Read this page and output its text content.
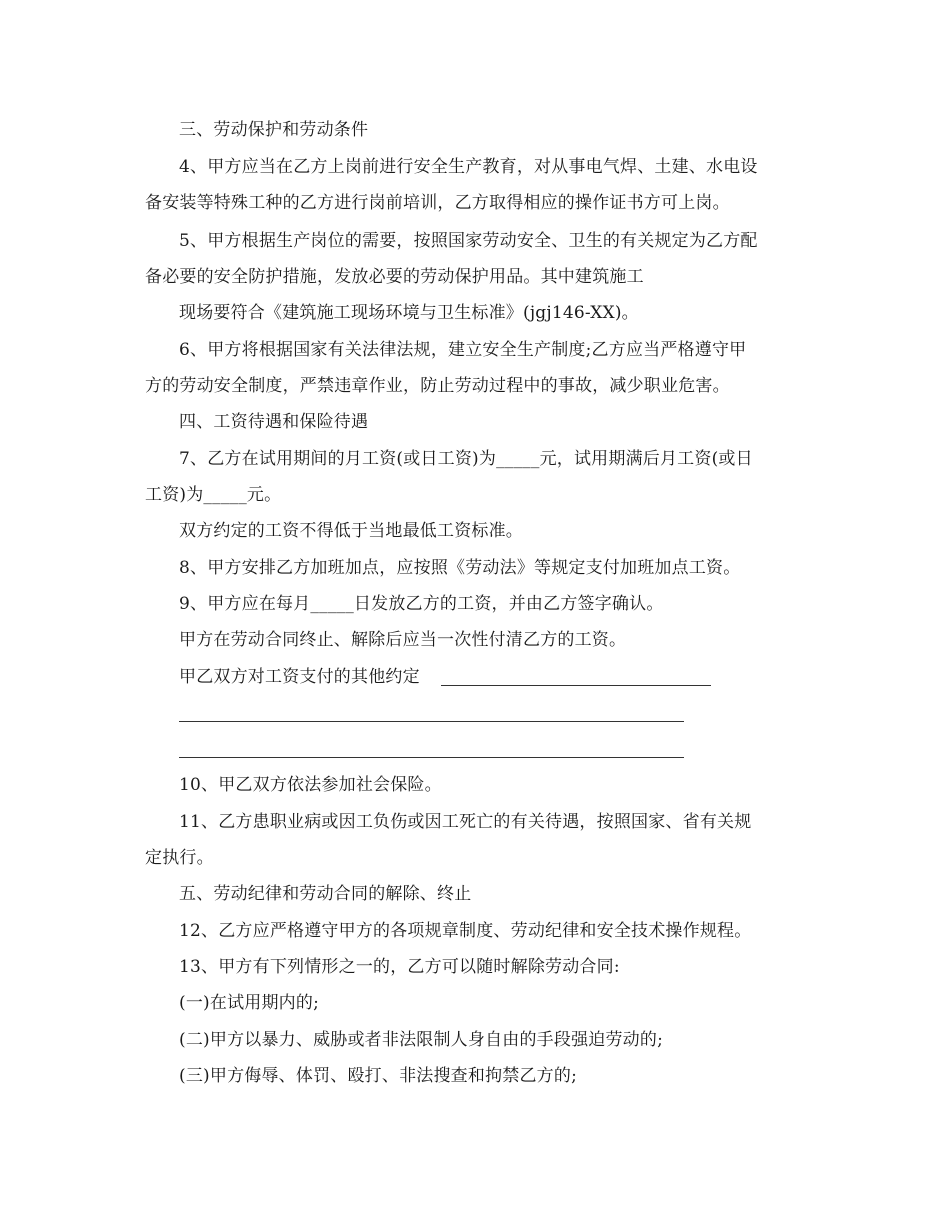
三、劳动保护和劳动条件
4、甲方应当在乙方上岗前进行安全生产教育，对从事电气焊、土建、水电设
备安装等特殊工种的乙方进行岗前培训，乙方取得相应的操作证书方可上岗。
5、甲方根据生产岗位的需要，按照国家劳动安全、卫生的有关规定为乙方配
备必要的安全防护措施，发放必要的劳动保护用品。其中建筑施工
现场要符合《建筑施工现场环境与卫生标准》(jgj146-XX)。
6、甲方将根据国家有关法律法规，建立安全生产制度;乙方应当严格遵守甲
方的劳动安全制度，严禁违章作业，防止劳动过程中的事故，减少职业危害。
四、工资待遇和保险待遇
7、乙方在试用期间的月工资(或日工资)为_____元，试用期满后月工资(或日
工资)为_____元。
双方约定的工资不得低于当地最低工资标准。
8、甲方安排乙方加班加点，应按照《劳动法》等规定支付加班加点工资。
9、甲方应在每月_____日发放乙方的工资，并由乙方签字确认。
甲方在劳动合同终止、解除后应当一次性付清乙方的工资。
甲乙双方对工资支付的其他约定
10、甲乙双方依法参加社会保险。
11、乙方患职业病或因工负伤或因工死亡的有关待遇，按照国家、省有关规
定执行。
五、劳动纪律和劳动合同的解除、终止
12、乙方应严格遵守甲方的各项规章制度、劳动纪律和安全技术操作规程。
13、甲方有下列情形之一的，乙方可以随时解除劳动合同:
(一)在试用期内的;
(二)甲方以暴力、威胁或者非法限制人身自由的手段强迫劳动的;
(三)甲方侮辱、体罚、殴打、非法搜查和拘禁乙方的;
